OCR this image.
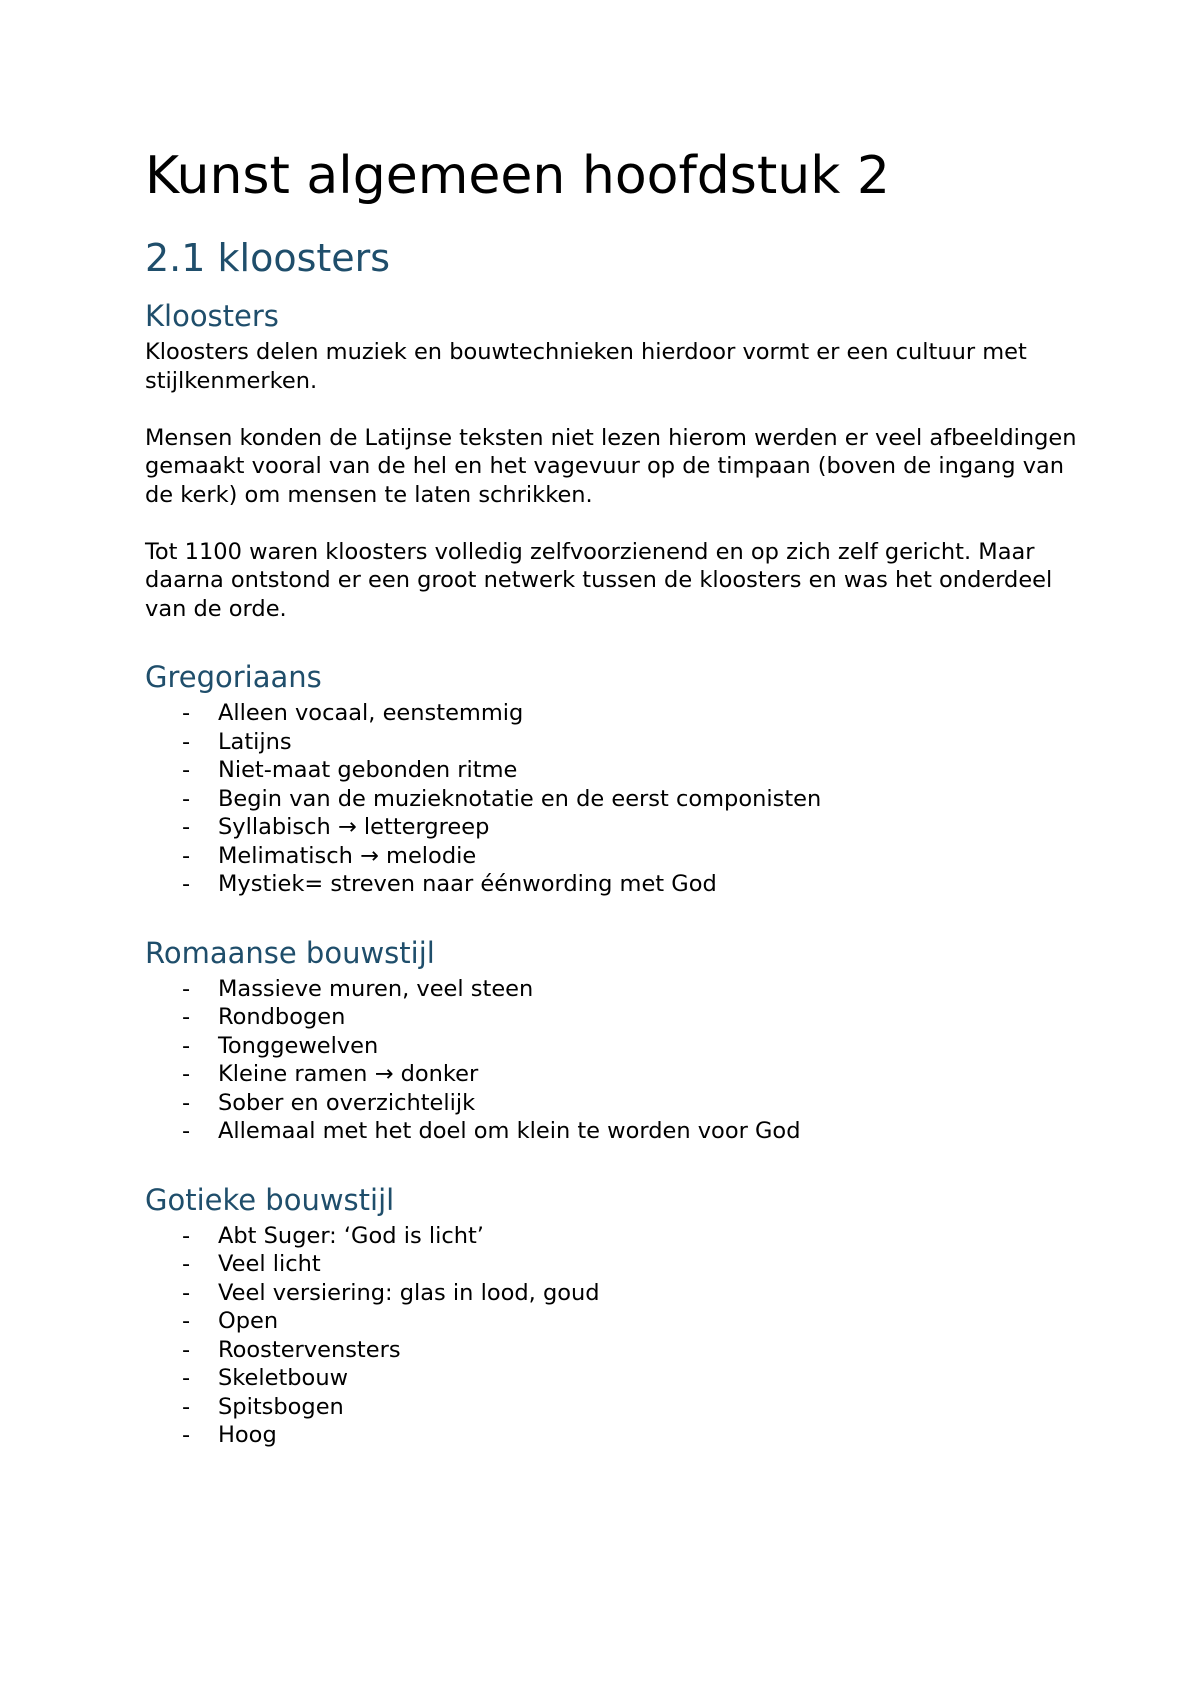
Kunst algemeen hoofdstuk 2
2.1 kloosters
Kloosters

Kloosters delen muziek en bouwtechnieken hierdoor vormt er een cultuur met stijlkenmerken.

Mensen konden de Latijnse teksten niet lezen hierom werden er veel afbeeldingen gemaakt vooral van de hel en het vagevuur op de timpaan (boven de ingang van de kerk) om mensen te laten schrikken.

Tot 1100 waren kloosters volledig zelfvoorzienend en op zich zelf gericht. Maar daarna ontstond er een groot netwerk tussen de kloosters en was het onderdeel van de orde.

Gregoriaans
- Alleen vocaal, eenstemmig
- Latijns
- Niet-maat gebonden ritme
- Begin van de muzieknotatie en de eerst componisten
- Syllabisch → lettergreep
- Melimatisch → melodie
- Mystiek= streven naar éénwording met God
Romaanse bouwstijl
- Massieve muren, veel steen
- Rondbogen
- Tonggewelven
- Kleine ramen → donker
- Sober en overzichtelijk
- Allemaal met het doel om klein te worden voor God
Gotieke bouwstijl
- Abt Suger: ‘God is licht’
- Veel licht
- Veel versiering: glas in lood, goud
- Open
- Roostervensters
- Skeletbouw
- Spitsbogen
- Hoog
